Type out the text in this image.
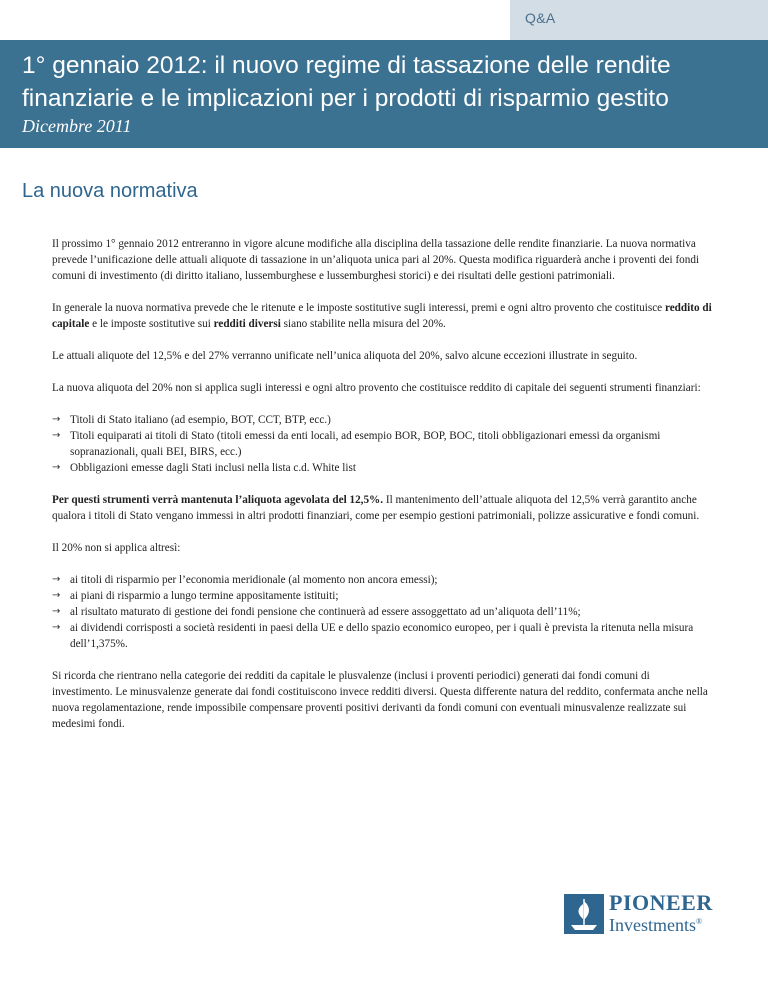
Q&A
1° gennaio 2012: il nuovo regime di tassazione delle rendite finanziarie e le implicazioni per i prodotti di risparmio gestito
Dicembre 2011
La nuova normativa

Il prossimo 1° gennaio 2012 entreranno in vigore alcune modifiche alla disciplina della tassazione delle rendite finanziarie. La nuova normativa prevede l’unificazione delle attuali aliquote di tassazione in un’aliquota unica pari al 20%. Questa modifica riguarderà anche i proventi dei fondi comuni di investimento (di diritto italiano, lussemburghese e lussemburghesi storici) e dei risultati delle gestioni patrimoniali.

In generale la nuova normativa prevede che le ritenute e le imposte sostitutive sugli interessi, premi e ogni altro provento che costituisce reddito di capitale e le imposte sostitutive sui redditi diversi siano stabilite nella misura del 20%.

Le attuali aliquote del 12,5% e del 27% verranno unificate nell’unica aliquota del 20%, salvo alcune eccezioni illustrate in seguito.

La nuova aliquota del 20% non si applica sugli interessi e ogni altro provento che costituisce reddito di capitale dei seguenti strumenti finanziari:

→ Titoli di Stato italiano (ad esempio, BOT, CCT, BTP, ecc.)
→ Titoli equiparati ai titoli di Stato (titoli emessi da enti locali, ad esempio BOR, BOP, BOC, titoli obbligazionari emessi da organismi sopranazionali, quali BEI, BIRS, ecc.)
→ Obbligazioni emesse dagli Stati inclusi nella lista c.d. White list

Per questi strumenti verrà mantenuta l’aliquota agevolata del 12,5%. Il mantenimento dell’attuale aliquota del 12,5% verrà garantito anche qualora i titoli di Stato vengano immessi in altri prodotti finanziari, come per esempio gestioni patrimoniali, polizze assicurative e fondi comuni.

Il 20% non si applica altresì:

→ ai titoli di risparmio per l’economia meridionale (al momento non ancora emessi);
→ ai piani di risparmio a lungo termine appositamente istituiti;
→ al risultato maturato di gestione dei fondi pensione che continuerà ad essere assoggettato ad un’aliquota dell’11%;
→ ai dividendi corrisposti a società residenti in paesi della UE e dello spazio economico europeo, per i quali è prevista la ritenuta nella misura dell’1,375%.

Si ricorda che rientrano nella categorie dei redditi da capitale le plusvalenze (inclusi i proventi periodici) generati dai fondi comuni di investimento. Le minusvalenze generate dai fondi costituiscono invece redditi diversi. Questa differente natura del reddito, confermata anche nella nuova regolamentazione, rende impossibile compensare proventi positivi derivanti da fondi comuni con eventuali minusvalenze realizzate sui medesimi fondi.

PIONEER
Investments®
